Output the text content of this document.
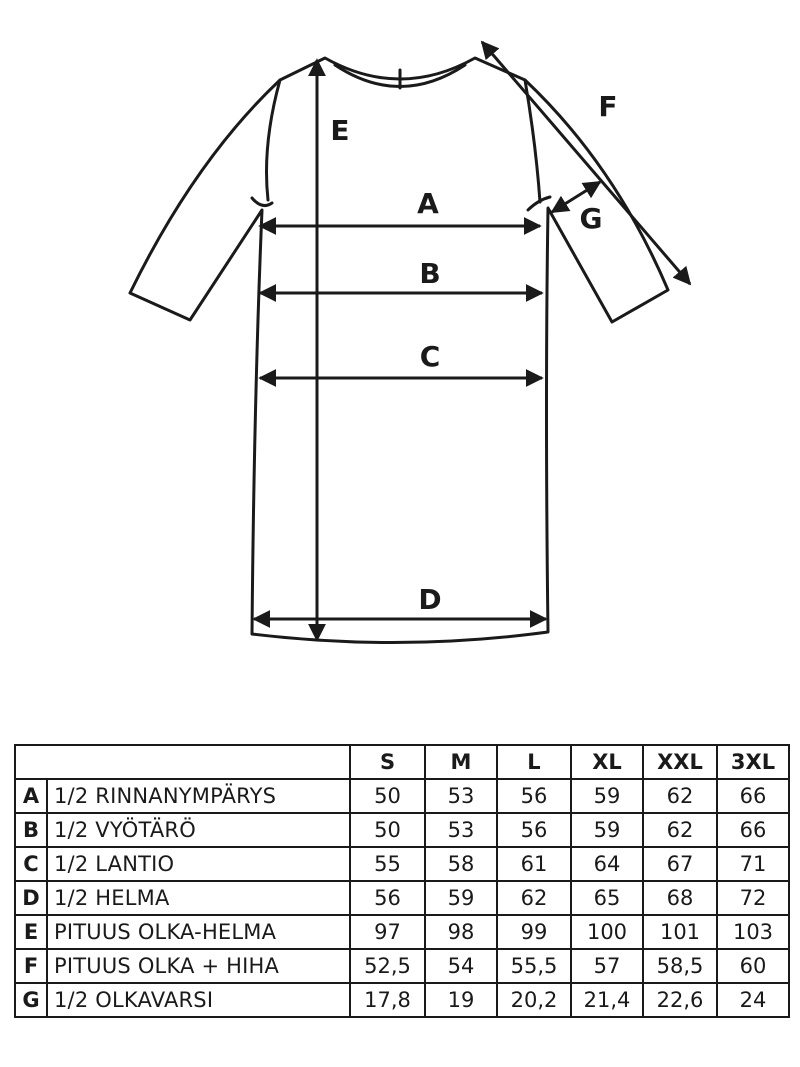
A
B
C
D
E
F
G
		S	M	L	XL	XXL	3XL
A	1/2 RINNANYMPÄRYS	50	53	56	59	62	66
B	1/2 VYÖTÄRÖ	50	53	56	59	62	66
C	1/2 LANTIO	55	58	61	64	67	71
D	1/2 HELMA	56	59	62	65	68	72
E	PITUUS OLKA-HELMA	97	98	99	100	101	103
F	PITUUS OLKA + HIHA	52,5	54	55,5	57	58,5	60
G	1/2 OLKAVARSI	17,8	19	20,2	21,4	22,6	24
